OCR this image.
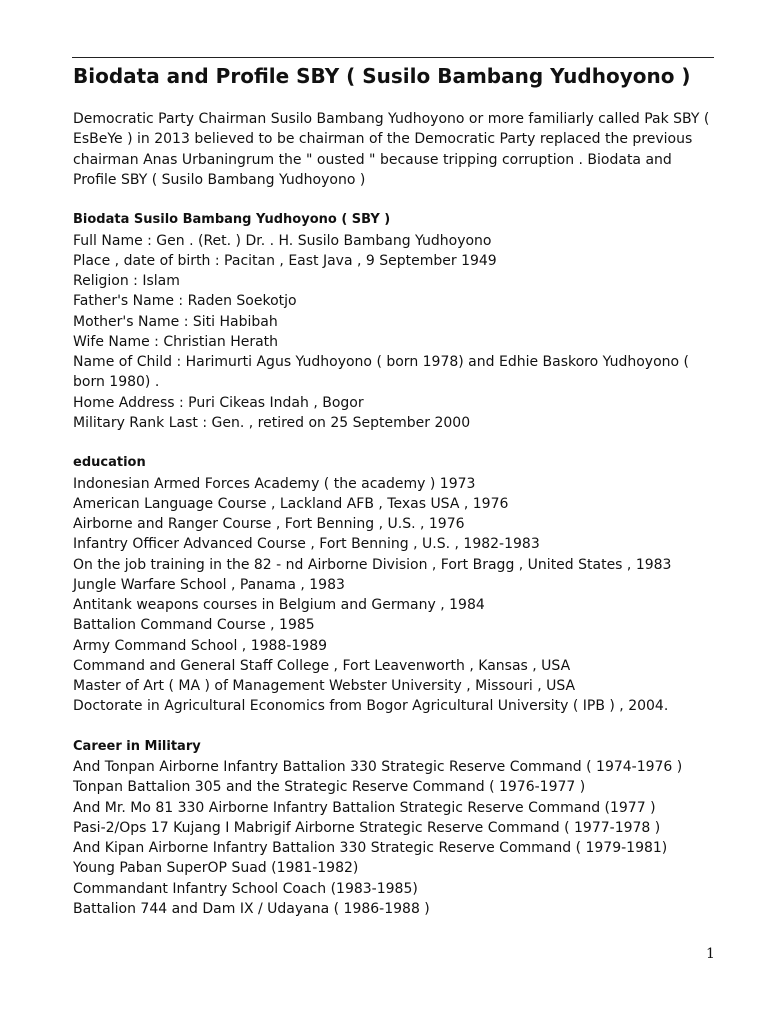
Biodata and Profile SBY ( Susilo Bambang Yudhoyono )

Democratic Party Chairman Susilo Bambang Yudhoyono or more familiarly called Pak SBY ( EsBeYe ) in 2013 believed to be chairman of the Democratic Party replaced the previous chairman Anas Urbaningrum the " ousted " because tripping corruption . Biodata and Profile SBY ( Susilo Bambang Yudhoyono )

Biodata Susilo Bambang Yudhoyono ( SBY )

Full Name : Gen . (Ret. ) Dr. . H. Susilo Bambang Yudhoyono

Place , date of birth : Pacitan , East Java , 9 September 1949

Religion : Islam

Father's Name : Raden Soekotjo

Mother's Name : Siti Habibah

Wife Name : Christian Herath

Name of Child : Harimurti Agus Yudhoyono ( born 1978) and Edhie Baskoro Yudhoyono ( born 1980) .

Home Address : Puri Cikeas Indah , Bogor

Military Rank Last : Gen. , retired on 25 September 2000

education

Indonesian Armed Forces Academy ( the academy ) 1973

American Language Course , Lackland AFB , Texas USA , 1976

Airborne and Ranger Course , Fort Benning , U.S. , 1976

Infantry Officer Advanced Course , Fort Benning , U.S. , 1982-1983

On the job training in the 82 - nd Airborne Division , Fort Bragg , United States , 1983

Jungle Warfare School , Panama , 1983

Antitank weapons courses in Belgium and Germany , 1984

Battalion Command Course , 1985

Army Command School , 1988-1989

Command and General Staff College , Fort Leavenworth , Kansas , USA

Master of Art ( MA ) of Management Webster University , Missouri , USA

Doctorate in Agricultural Economics from Bogor Agricultural University ( IPB ) , 2004.

Career in Military

And Tonpan Airborne Infantry Battalion 330 Strategic Reserve Command ( 1974-1976 )

Tonpan Battalion 305 and the Strategic Reserve Command ( 1976-1977 )

And Mr. Mo 81 330 Airborne Infantry Battalion Strategic Reserve Command (1977 )

Pasi-2/Ops 17 Kujang I Mabrigif Airborne Strategic Reserve Command ( 1977-1978 )

And Kipan Airborne Infantry Battalion 330 Strategic Reserve Command ( 1979-1981)

Young Paban SuperOP Suad (1981-1982)

Commandant Infantry School Coach (1983-1985)

Battalion 744 and Dam IX / Udayana ( 1986-1988 )

1
